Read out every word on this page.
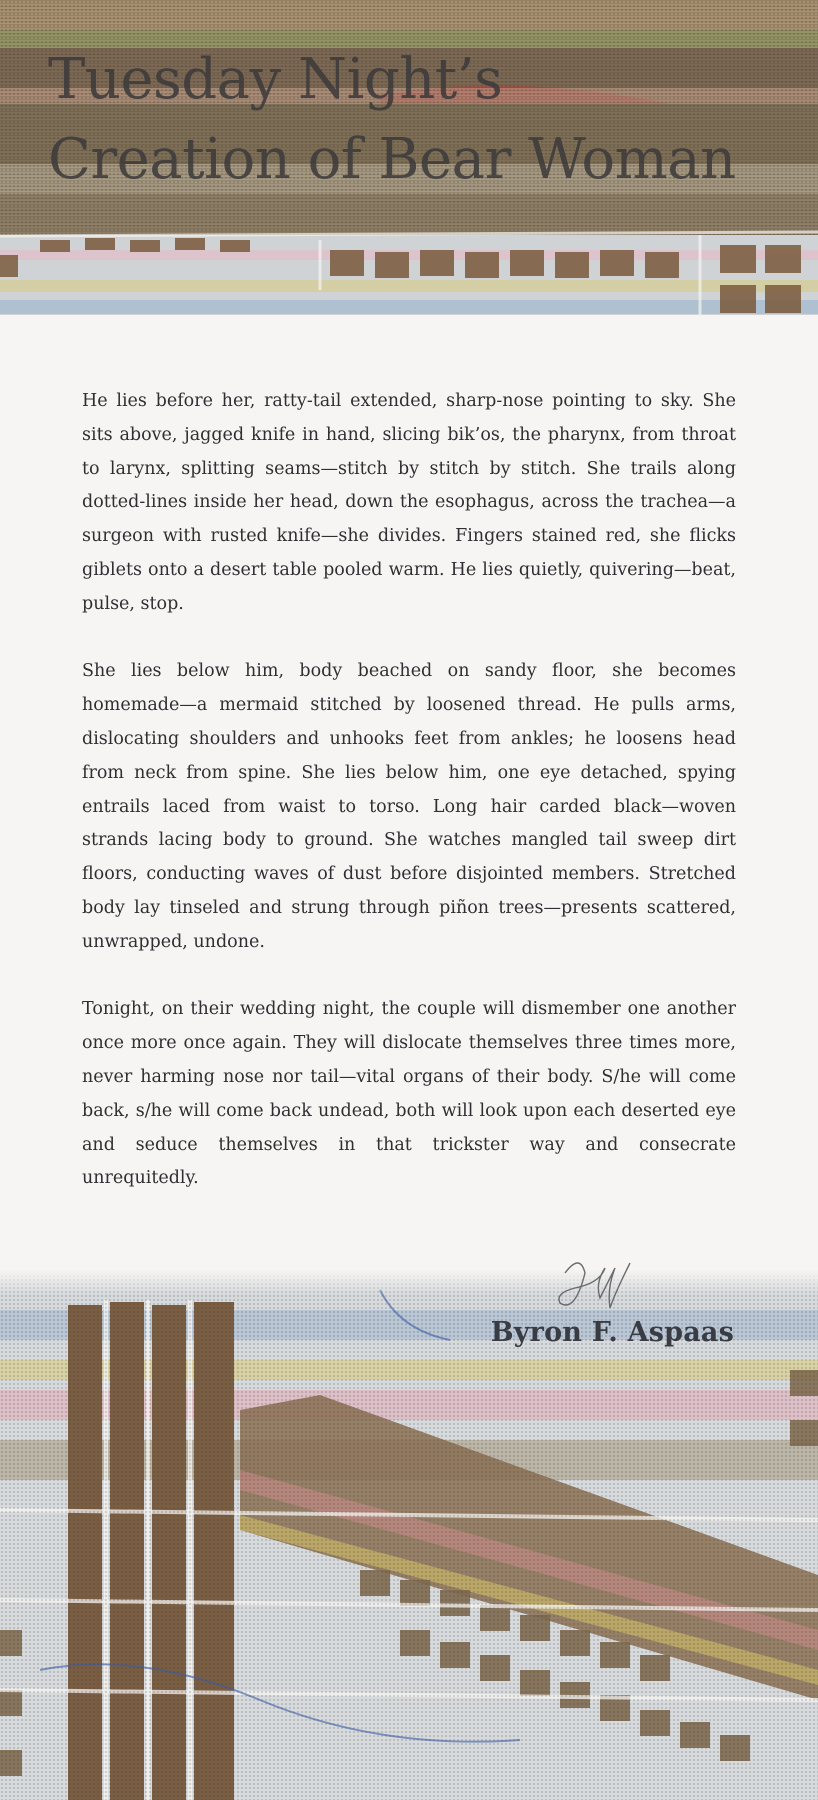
Tuesday Night’s
Creation of Bear Woman

He lies before her, ratty-tail extended, sharp-nose pointing to sky. She sits above, jagged knife in hand, slicing bik’os, the pharynx, from throat to larynx, splitting seams—stitch by stitch by stitch. She trails along dotted-lines inside her head, down the esophagus, across the trachea—a surgeon with rusted knife—she divides. Fingers stained red, she flicks giblets onto a desert table pooled warm. He lies quietly, quivering—beat, pulse, stop.

She lies below him, body beached on sandy floor, she becomes homemade—a mermaid stitched by loosened thread. He pulls arms, dislocating shoulders and unhooks feet from ankles; he loosens head from neck from spine. She lies below him, one eye detached, spying entrails laced from waist to torso. Long hair carded black—woven strands lacing body to ground. She watches mangled tail sweep dirt floors, conducting waves of dust before disjointed members. Stretched body lay tinseled and strung through piñon trees—presents scattered, unwrapped, undone.

Tonight, on their wedding night, the couple will dismember one another once more once again. They will dislocate themselves three times more, never harming nose nor tail—vital organs of their body. S/he will come back, s/he will come back undead, both will look upon each deserted eye and seduce themselves in that trickster way and consecrate unrequitedly.

Byron F. Aspaas
